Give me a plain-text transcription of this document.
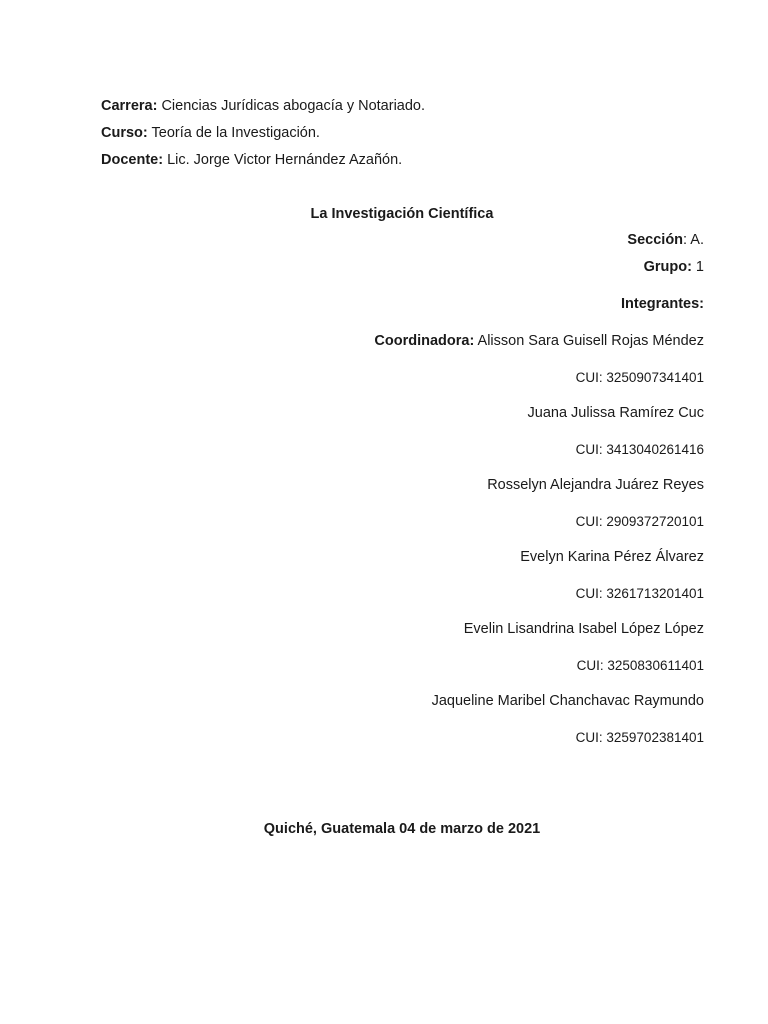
Carrera: Ciencias Jurídicas abogacía y Notariado.
Curso: Teoría de la Investigación.
Docente: Lic. Jorge Victor Hernández Azañón.
La Investigación Científica
Sección: A.
Grupo: 1
Integrantes:
Coordinadora: Alisson Sara Guisell Rojas Méndez
CUI: 3250907341401
Juana Julissa Ramírez Cuc
CUI: 3413040261416
Rosselyn Alejandra Juárez Reyes
CUI: 2909372720101
Evelyn Karina Pérez Álvarez
CUI: 3261713201401
Evelin Lisandrina Isabel López López
CUI: 3250830611401
Jaqueline Maribel Chanchavac Raymundo
CUI: 3259702381401
Quiché, Guatemala 04 de marzo de 2021
